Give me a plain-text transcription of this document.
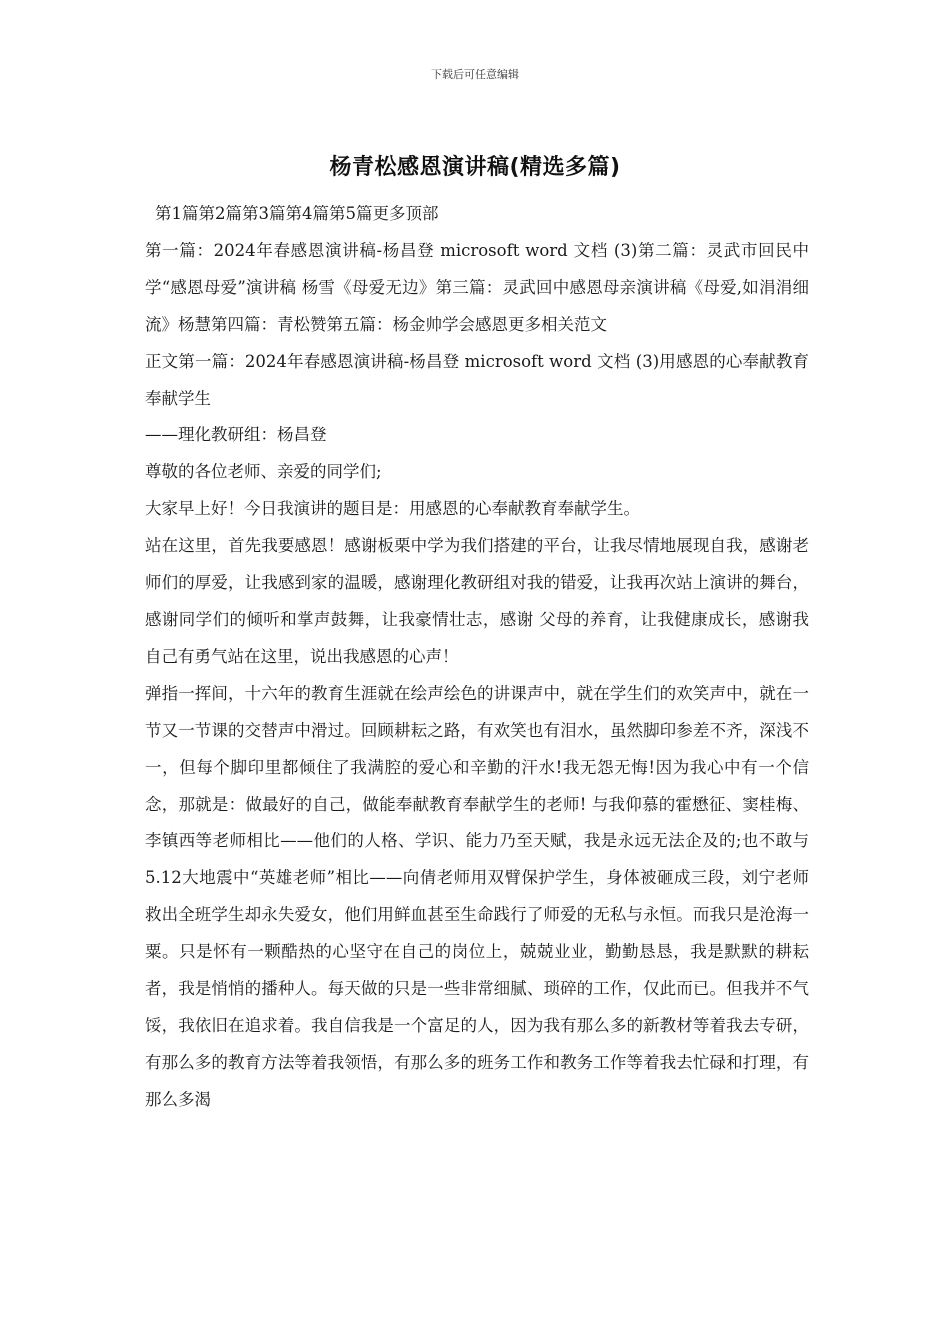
下载后可任意编辑
杨青松感恩演讲稿(精选多篇)

第1篇第2篇第3篇第4篇第5篇更多顶部

第一篇：2024年春感恩演讲稿-杨昌登 microsoft word 文档 (3)第二篇：灵武市回民中学“感恩母爱”演讲稿 杨雪《母爱无边》第三篇：灵武回中感恩母亲演讲稿《母爱,如涓涓细流》杨慧第四篇：青松赞第五篇：杨金帅学会感恩更多相关范文

正文第一篇：2024年春感恩演讲稿-杨昌登 microsoft word 文档 (3)用感恩的心奉献教育奉献学生

——理化教研组：杨昌登

尊敬的各位老师、亲爱的同学们;

大家早上好！今日我演讲的题目是：用感恩的心奉献教育奉献学生。

站在这里，首先我要感恩！感谢板栗中学为我们搭建的平台，让我尽情地展现自我，感谢老师们的厚爱，让我感到家的温暖，感谢理化教研组对我的错爱，让我再次站上演讲的舞台，感谢同学们的倾听和掌声鼓舞，让我豪情壮志，感谢 父母的养育，让我健康成长，感谢我自己有勇气站在这里，说出我感恩的心声！

弹指一挥间，十六年的教育生涯就在绘声绘色的讲课声中，就在学生们的欢笑声中，就在一节又一节课的交替声中滑过。回顾耕耘之路，有欢笑也有泪水，虽然脚印参差不齐，深浅不一，但每个脚印里都倾住了我满腔的爱心和辛勤的汗水!我无怨无悔!因为我心中有一个信念，那就是：做最好的自己，做能奉献教育奉献学生的老师! 与我仰慕的霍懋征、窦桂梅、李镇西等老师相比——他们的人格、学识、能力乃至天赋，我是永远无法企及的;也不敢与5.12大地震中“英雄老师”相比——向倩老师用双臂保护学生，身体被砸成三段，刘宁老师救出全班学生却永失爱女，他们用鲜血甚至生命践行了师爱的无私与永恒。而我只是沧海一粟。只是怀有一颗酷热的心坚守在自己的岗位上，兢兢业业，勤勤恳恳，我是默默的耕耘者，我是悄悄的播种人。每天做的只是一些非常细腻、琐碎的工作，仅此而已。但我并不气馁，我依旧在追求着。我自信我是一个富足的人，因为我有那么多的新教材等着我去专研，有那么多的教育方法等着我领悟，有那么多的班务工作和教务工作等着我去忙碌和打理，有那么多渴
